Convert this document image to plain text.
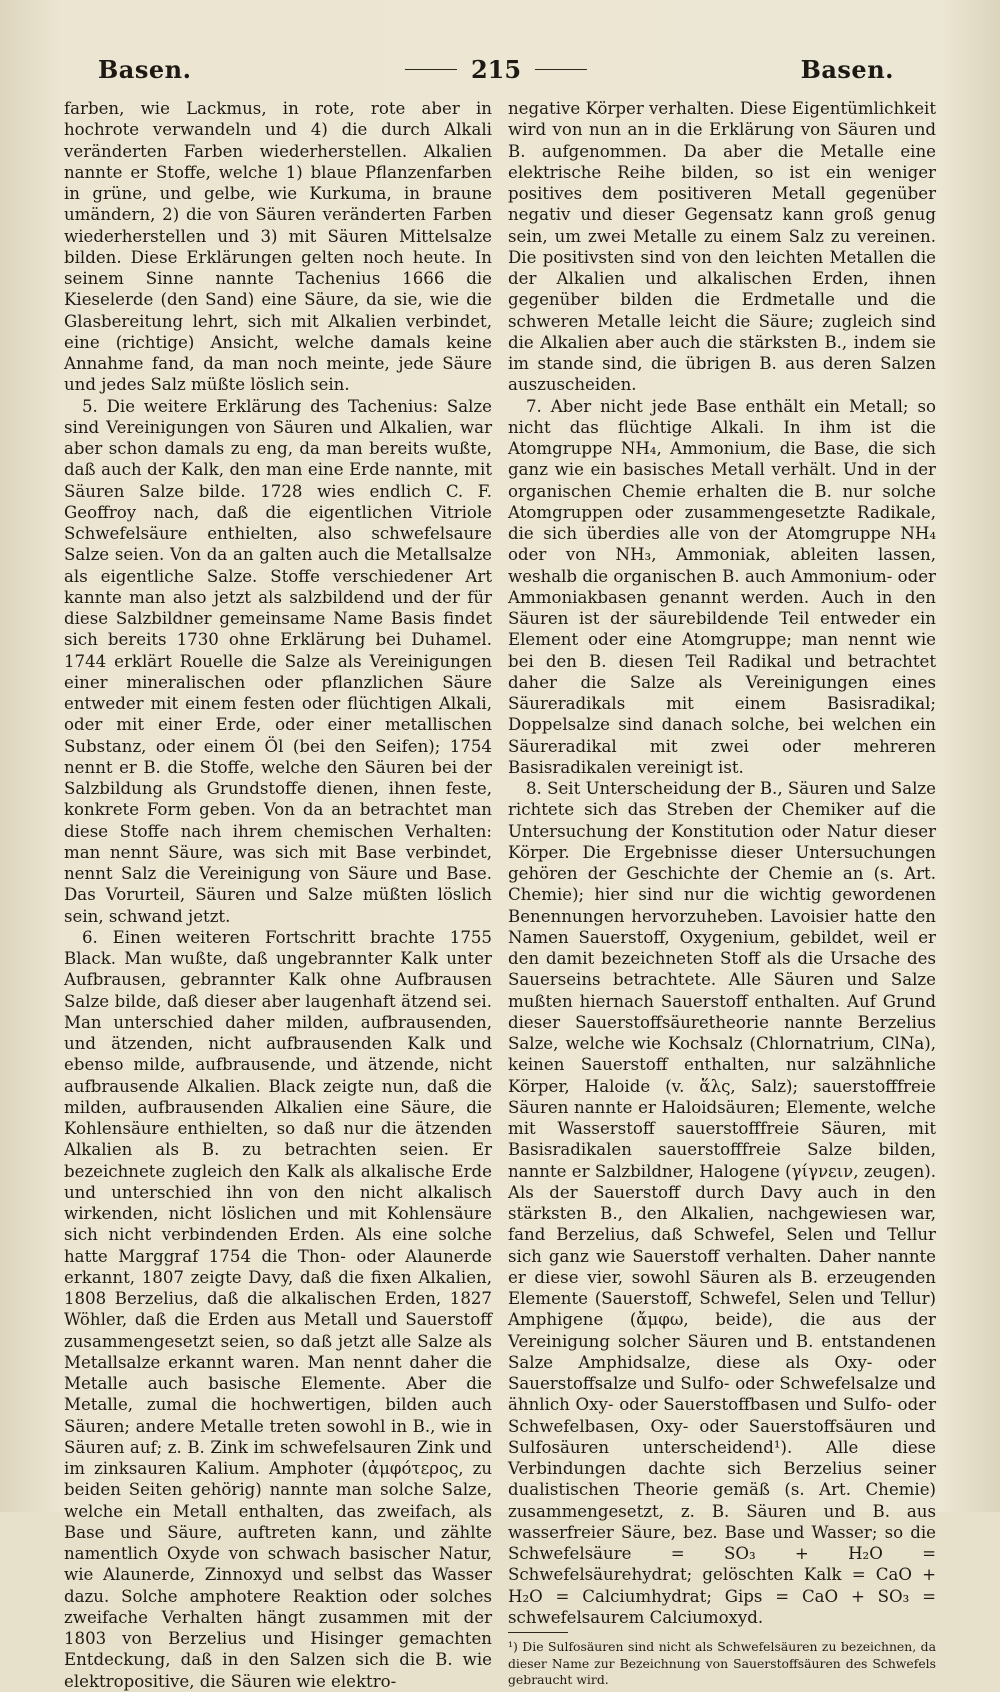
Basen.	215	Basen.

farben, wie Lackmus, in rote, rote aber in hochrote verwandeln und 4) die durch Alkali veränderten Farben wiederherstellen. Alkalien nannte er Stoffe, welche 1) blaue Pflanzenfarben in grüne, und gelbe, wie Kurkuma, in braune umändern, 2) die von Säuren veränderten Farben wiederherstellen und 3) mit Säuren Mittelsalze bilden. Diese Erklärungen gelten noch heute. In seinem Sinne nannte Tachenius 1666 die Kieselerde (den Sand) eine Säure, da sie, wie die Glasbereitung lehrt, sich mit Alkalien verbindet, eine (richtige) Ansicht, welche damals keine Annahme fand, da man noch meinte, jede Säure und jedes Salz müßte löslich sein.

5. Die weitere Erklärung des Tachenius: Salze sind Vereinigungen von Säuren und Alkalien, war aber schon damals zu eng, da man bereits wußte, daß auch der Kalk, den man eine Erde nannte, mit Säuren Salze bilde. 1728 wies endlich C. F. Geoffroy nach, daß die eigentlichen Vitriole Schwefelsäure enthielten, also schwefelsaure Salze seien. Von da an galten auch die Metallsalze als eigentliche Salze. Stoffe verschiedener Art kannte man also jetzt als salzbildend und der für diese Salzbildner gemeinsame Name Basis findet sich bereits 1730 ohne Erklärung bei Duhamel. 1744 erklärt Rouelle die Salze als Vereinigungen einer mineralischen oder pflanzlichen Säure entweder mit einem festen oder flüchtigen Alkali, oder mit einer Erde, oder einer metallischen Substanz, oder einem Öl (bei den Seifen); 1754 nennt er B. die Stoffe, welche den Säuren bei der Salzbildung als Grundstoffe dienen, ihnen feste, konkrete Form geben. Von da an betrachtet man diese Stoffe nach ihrem chemischen Verhalten: man nennt Säure, was sich mit Base verbindet, nennt Salz die Vereinigung von Säure und Base. Das Vorurteil, Säuren und Salze müßten löslich sein, schwand jetzt.

6. Einen weiteren Fortschritt brachte 1755 Black. Man wußte, daß ungebrannter Kalk unter Aufbrausen, gebrannter Kalk ohne Aufbrausen Salze bilde, daß dieser aber laugenhaft ätzend sei. Man unterschied daher milden, aufbrausenden, und ätzenden, nicht aufbrausenden Kalk und ebenso milde, aufbrausende, und ätzende, nicht aufbrausende Alkalien. Black zeigte nun, daß die milden, aufbrausenden Alkalien eine Säure, die Kohlensäure enthielten, so daß nur die ätzenden Alkalien als B. zu betrachten seien. Er bezeichnete zugleich den Kalk als alkalische Erde und unterschied ihn von den nicht alkalisch wirkenden, nicht löslichen und mit Kohlensäure sich nicht verbindenden Erden. Als eine solche hatte Marggraf 1754 die Thon- oder Alaunerde erkannt, 1807 zeigte Davy, daß die fixen Alkalien, 1808 Berzelius, daß die alkalischen Erden, 1827 Wöhler, daß die Erden aus Metall und Sauerstoff zusammengesetzt seien, so daß jetzt alle Salze als Metallsalze erkannt waren. Man nennt daher die Metalle auch basische Elemente. Aber die Metalle, zumal die hochwertigen, bilden auch Säuren; andere Metalle treten sowohl in B., wie in Säuren auf; z. B. Zink im schwefelsauren Zink und im zinksauren Kalium. Amphoter (ἀμφότερος, zu beiden Seiten gehörig) nannte man solche Salze, welche ein Metall enthalten, das zweifach, als Base und Säure, auftreten kann, und zählte namentlich Oxyde von schwach basischer Natur, wie Alaunerde, Zinnoxyd und selbst das Wasser dazu. Solche amphotere Reaktion oder solches zweifache Verhalten hängt zusammen mit der 1803 von Berzelius und Hisinger gemachten Entdeckung, daß in den Salzen sich die B. wie elektropositive, die Säuren wie elektro-

negative Körper verhalten. Diese Eigentümlichkeit wird von nun an in die Erklärung von Säuren und B. aufgenommen. Da aber die Metalle eine elektrische Reihe bilden, so ist ein weniger positives dem positiveren Metall gegenüber negativ und dieser Gegensatz kann groß genug sein, um zwei Metalle zu einem Salz zu vereinen. Die positivsten sind von den leichten Metallen die der Alkalien und alkalischen Erden, ihnen gegenüber bilden die Erdmetalle und die schweren Metalle leicht die Säure; zugleich sind die Alkalien aber auch die stärksten B., indem sie im stande sind, die übrigen B. aus deren Salzen auszuscheiden.

7. Aber nicht jede Base enthält ein Metall; so nicht das flüchtige Alkali. In ihm ist die Atomgruppe NH₄, Ammonium, die Base, die sich ganz wie ein basisches Metall verhält. Und in der organischen Chemie erhalten die B. nur solche Atomgruppen oder zusammengesetzte Radikale, die sich überdies alle von der Atomgruppe NH₄ oder von NH₃, Ammoniak, ableiten lassen, weshalb die organischen B. auch Ammonium- oder Ammoniakbasen genannt werden. Auch in den Säuren ist der säurebildende Teil entweder ein Element oder eine Atomgruppe; man nennt wie bei den B. diesen Teil Radikal und betrachtet daher die Salze als Vereinigungen eines Säureradikals mit einem Basisradikal; Doppelsalze sind danach solche, bei welchen ein Säureradikal mit zwei oder mehreren Basisradikalen vereinigt ist.

8. Seit Unterscheidung der B., Säuren und Salze richtete sich das Streben der Chemiker auf die Untersuchung der Konstitution oder Natur dieser Körper. Die Ergebnisse dieser Untersuchungen gehören der Geschichte der Chemie an (s. Art. Chemie); hier sind nur die wichtig gewordenen Benennungen hervorzuheben. Lavoisier hatte den Namen Sauerstoff, Oxygenium, gebildet, weil er den damit bezeichneten Stoff als die Ursache des Sauerseins betrachtete. Alle Säuren und Salze mußten hiernach Sauerstoff enthalten. Auf Grund dieser Sauerstoffsäuretheorie nannte Berzelius Salze, welche wie Kochsalz (Chlornatrium, ClNa), keinen Sauerstoff enthalten, nur salzähnliche Körper, Haloide (v. ἅλς, Salz); sauerstofffreie Säuren nannte er Haloidsäuren; Elemente, welche mit Wasserstoff sauerstofffreie Säuren, mit Basisradikalen sauerstofffreie Salze bilden, nannte er Salzbildner, Halogene (γίγνειν, zeugen). Als der Sauerstoff durch Davy auch in den stärksten B., den Alkalien, nachgewiesen war, fand Berzelius, daß Schwefel, Selen und Tellur sich ganz wie Sauerstoff verhalten. Daher nannte er diese vier, sowohl Säuren als B. erzeugenden Elemente (Sauerstoff, Schwefel, Selen und Tellur) Amphigene (ἄμφω, beide), die aus der Vereinigung solcher Säuren und B. entstandenen Salze Amphidsalze, diese als Oxy- oder Sauerstoffsalze und Sulfo- oder Schwefelsalze und ähnlich Oxy- oder Sauerstoffbasen und Sulfo- oder Schwefelbasen, Oxy- oder Sauerstoffsäuren und Sulfosäuren unterscheidend¹). Alle diese Verbindungen dachte sich Berzelius seiner dualistischen Theorie gemäß (s. Art. Chemie) zusammengesetzt, z. B. Säuren und B. aus wasserfreier Säure, bez. Base und Wasser; so die Schwefelsäure = SO₃ + H₂O = Schwefelsäurehydrat; gelöschten Kalk = CaO + H₂O = Calciumhydrat; Gips = CaO + SO₃ = schwefelsaurem Calciumoxyd.

¹) Die Sulfosäuren sind nicht als Schwefelsäuren zu bezeichnen, da dieser Name zur Bezeichnung von Sauerstoffsäuren des Schwefels gebraucht wird.
